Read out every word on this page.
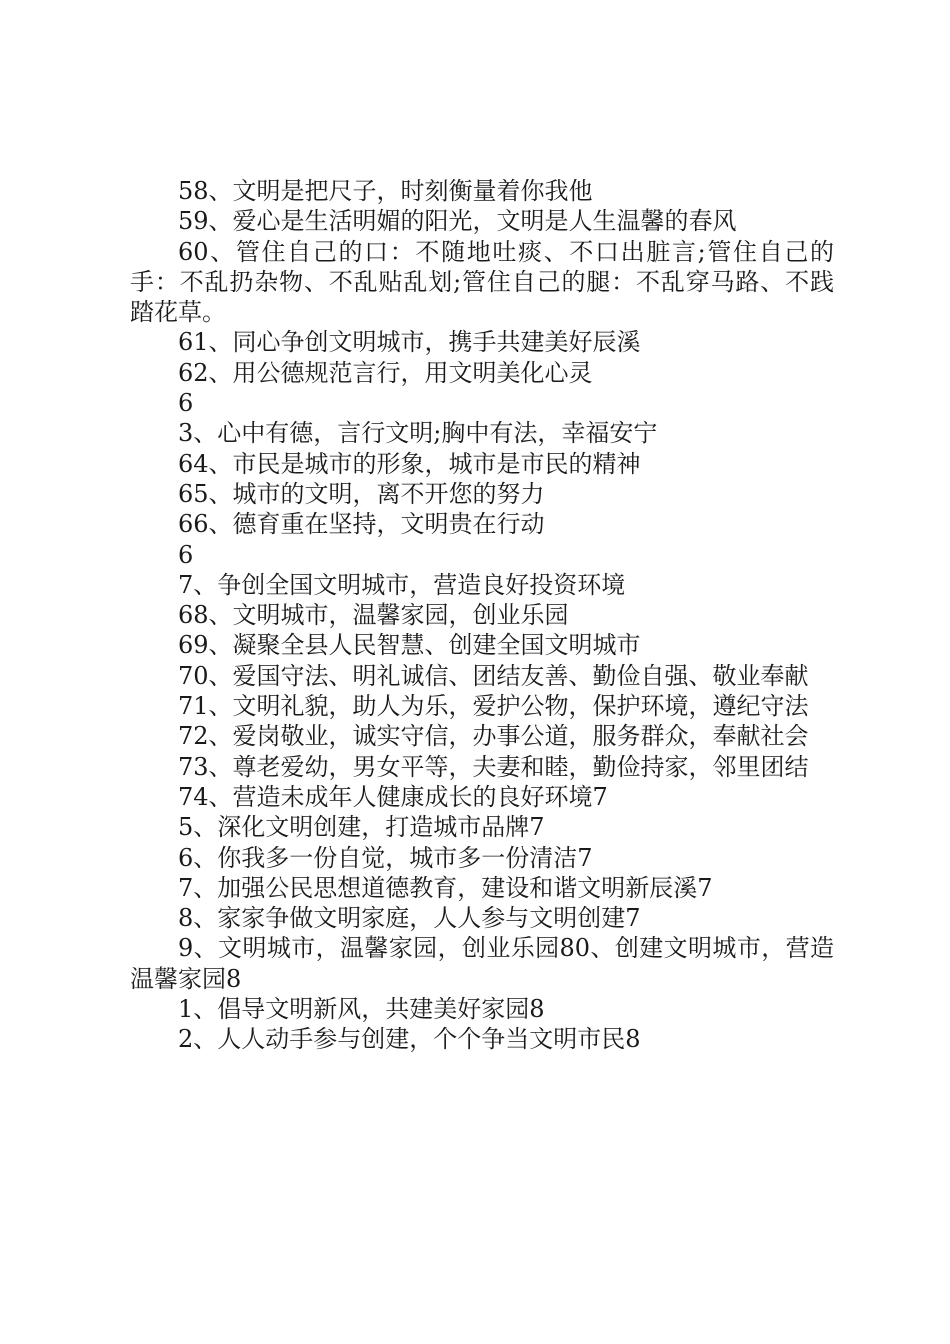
58、文明是把尺子，时刻衡量着你我他

59、爱心是生活明媚的阳光，文明是人生温馨的春风

60、管住自己的口：不随地吐痰、不口出脏言;管住自己的手：不乱扔杂物、不乱贴乱划;管住自己的腿：不乱穿马路、不践踏花草。

61、同心争创文明城市，携手共建美好辰溪

62、用公德规范言行，用文明美化心灵

6

3、心中有德，言行文明;胸中有法，幸福安宁

64、市民是城市的形象，城市是市民的精神

65、城市的文明，离不开您的努力

66、德育重在坚持，文明贵在行动

6

7、争创全国文明城市，营造良好投资环境

68、文明城市，温馨家园，创业乐园

69、凝聚全县人民智慧、创建全国文明城市

70、爱国守法、明礼诚信、团结友善、勤俭自强、敬业奉献

71、文明礼貌，助人为乐，爱护公物，保护环境，遵纪守法

72、爱岗敬业，诚实守信，办事公道，服务群众，奉献社会

73、尊老爱幼，男女平等，夫妻和睦，勤俭持家，邻里团结

74、营造未成年人健康成长的良好环境7

5、深化文明创建，打造城市品牌7

6、你我多一份自觉，城市多一份清洁7

7、加强公民思想道德教育，建设和谐文明新辰溪7

8、家家争做文明家庭，人人参与文明创建7

9、文明城市，温馨家园，创业乐园80、创建文明城市，营造温馨家园8

1、倡导文明新风，共建美好家园8

2、人人动手参与创建，个个争当文明市民8
